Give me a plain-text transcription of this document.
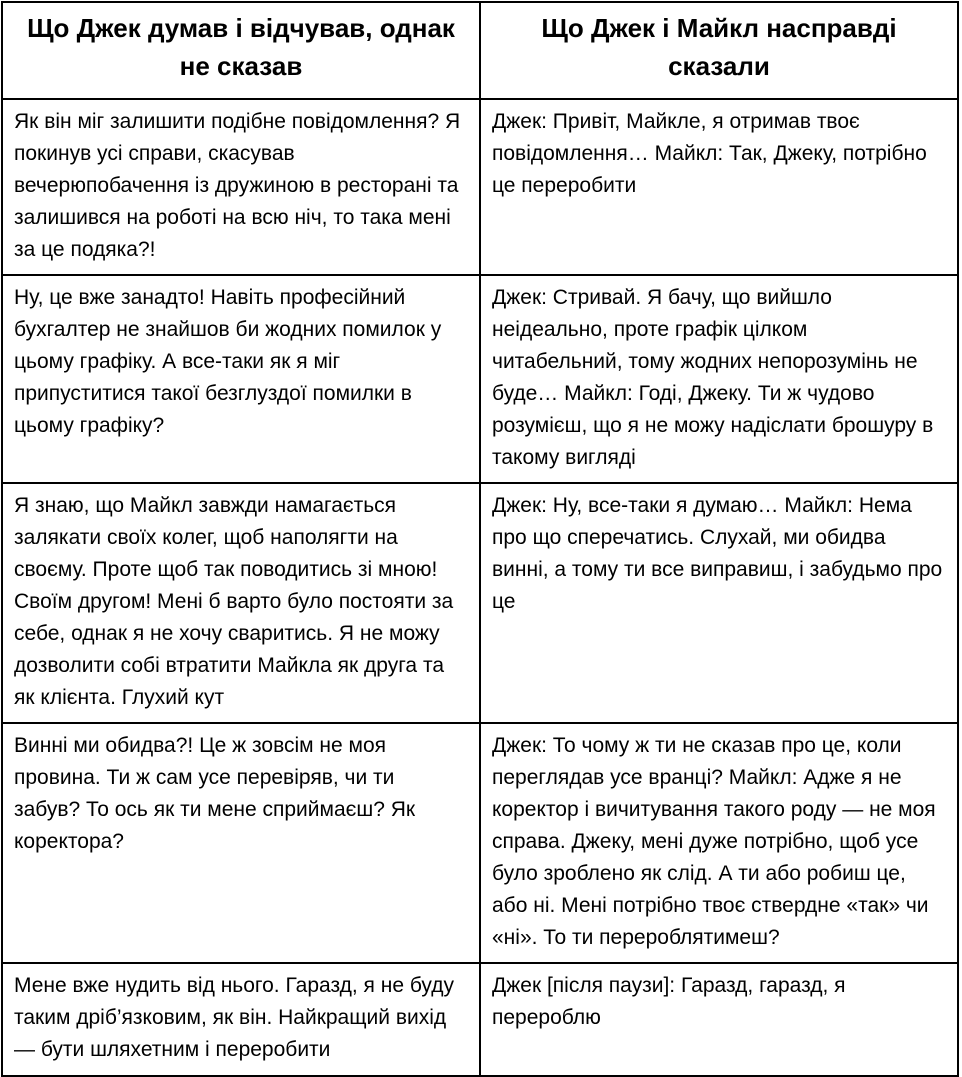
Що Джек думав і відчував, однак не сказав	Що Джек і Майкл насправді сказали
Як він міг залишити подібне повідомлення? Я покинув усі справи, скасував вечерюпобачення із дружиною в ресторані та залишився на роботі на всю ніч, то така мені за це подяка?!	Джек: Привіт, Майкле, я отримав твоє повідомлення… Майкл: Так, Джеку, потрібно це переробити
Ну, це вже занадто! Навіть професійний бухгалтер не знайшов би жодних помилок у цьому графіку. А все-таки як я міг припуститися такої безглуздої помилки в цьому графіку?	Джек: Стривай. Я бачу, що вийшло неідеально, проте графік цілком читабельний, тому жодних непорозумінь не буде… Майкл: Годі, Джеку. Ти ж чудово розумієш, що я не можу надіслати брошуру в такому вигляді
Я знаю, що Майкл завжди намагається залякати своїх колег, щоб наполягти на своєму. Проте щоб так поводитись зі мною! Своїм другом! Мені б варто було постояти за себе, однак я не хочу сваритись. Я не можу дозволити собі втратити Майкла як друга та як клієнта. Глухий кут	Джек: Ну, все-таки я думаю… Майкл: Нема про що сперечатись. Слухай, ми обидва винні, а тому ти все виправиш, і забудьмо про це
Винні ми обидва?! Це ж зовсім не моя провина. Ти ж сам усе перевіряв, чи ти забув? То ось як ти мене сприймаєш? Як коректора?	Джек: То чому ж ти не сказав про це, коли переглядав усе вранці? Майкл: Адже я не коректор і вичитування такого роду — не моя справа. Джеку, мені дуже потрібно, щоб усе було зроблено як слід. А ти або робиш це, або ні. Мені потрібно твоє ствердне «так» чи «ні». То ти перероблятимеш?
Мене вже нудить від нього. Гаразд, я не буду таким дріб’язковим, як він. Найкращий вихід — бути шляхетним і переробити	Джек [після паузи]: Гаразд, гаразд, я перероблю
